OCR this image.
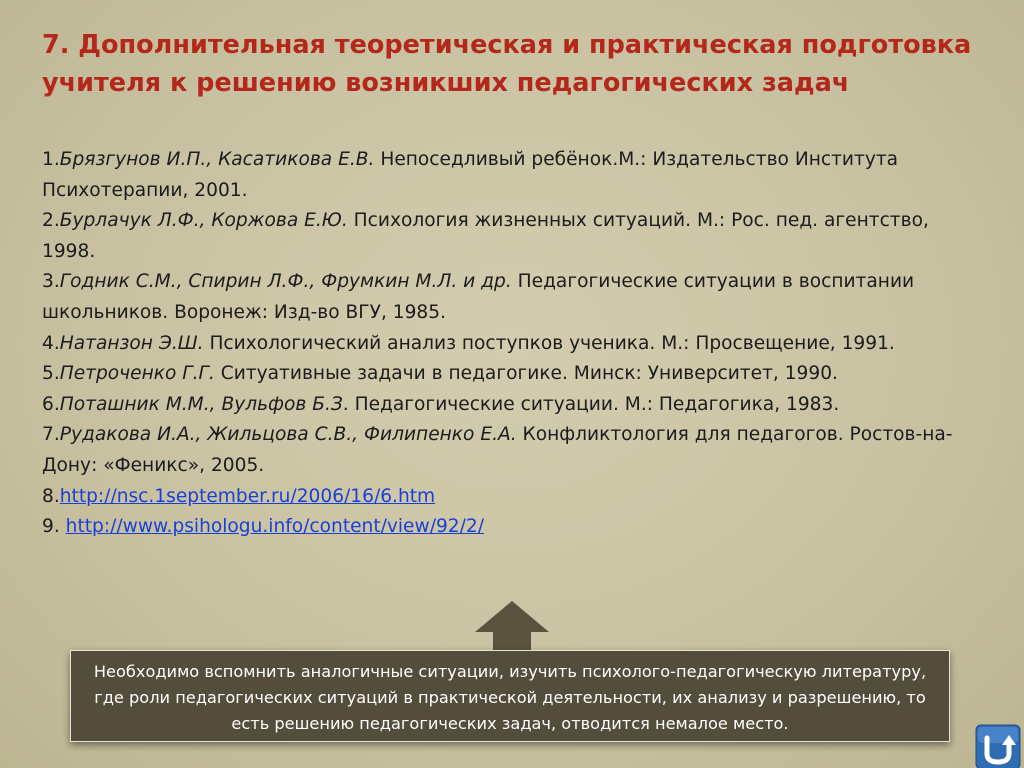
7. Дополнительная теоретическая и практическая подготовка учителя к решению возникших педагогических задач
1.Брязгунов И.П., Касатикова Е.В. Непоседливый ребёнок.М.: Издательство Института Психотерапии, 2001.
2.Бурлачук Л.Ф., Коржова Е.Ю. Психология жизненных ситуаций. М.: Рос. пед. агентство, 1998.
3.Годник С.М., Спирин Л.Ф., Фрумкин М.Л. и др. Педагогические ситуации в воспитании школьников. Воронеж: Изд-во ВГУ, 1985.
4.Натанзон Э.Ш. Психологический анализ поступков ученика. М.: Просвещение, 1991.
5.Петроченко Г.Г. Ситуативные задачи в педагогике. Минск: Университет, 1990.
6.Поташник М.М., Вульфов Б.З. Педагогические ситуации. М.: Педагогика, 1983.
7.Рудакова И.А., Жильцова С.В., Филипенко Е.А. Конфликтология для педагогов. Ростов-на-Дону: «Феникс», 2005.
8.http://nsc.1september.ru/2006/16/6.htm
9. http://www.psihologu.info/content/view/92/2/
Необходимо вспомнить аналогичные ситуации, изучить психолого-педагогическую литературу, где роли педагогических ситуаций в практической деятельности, их анализу и разрешению, то есть решению педагогических задач, отводится немалое место.
